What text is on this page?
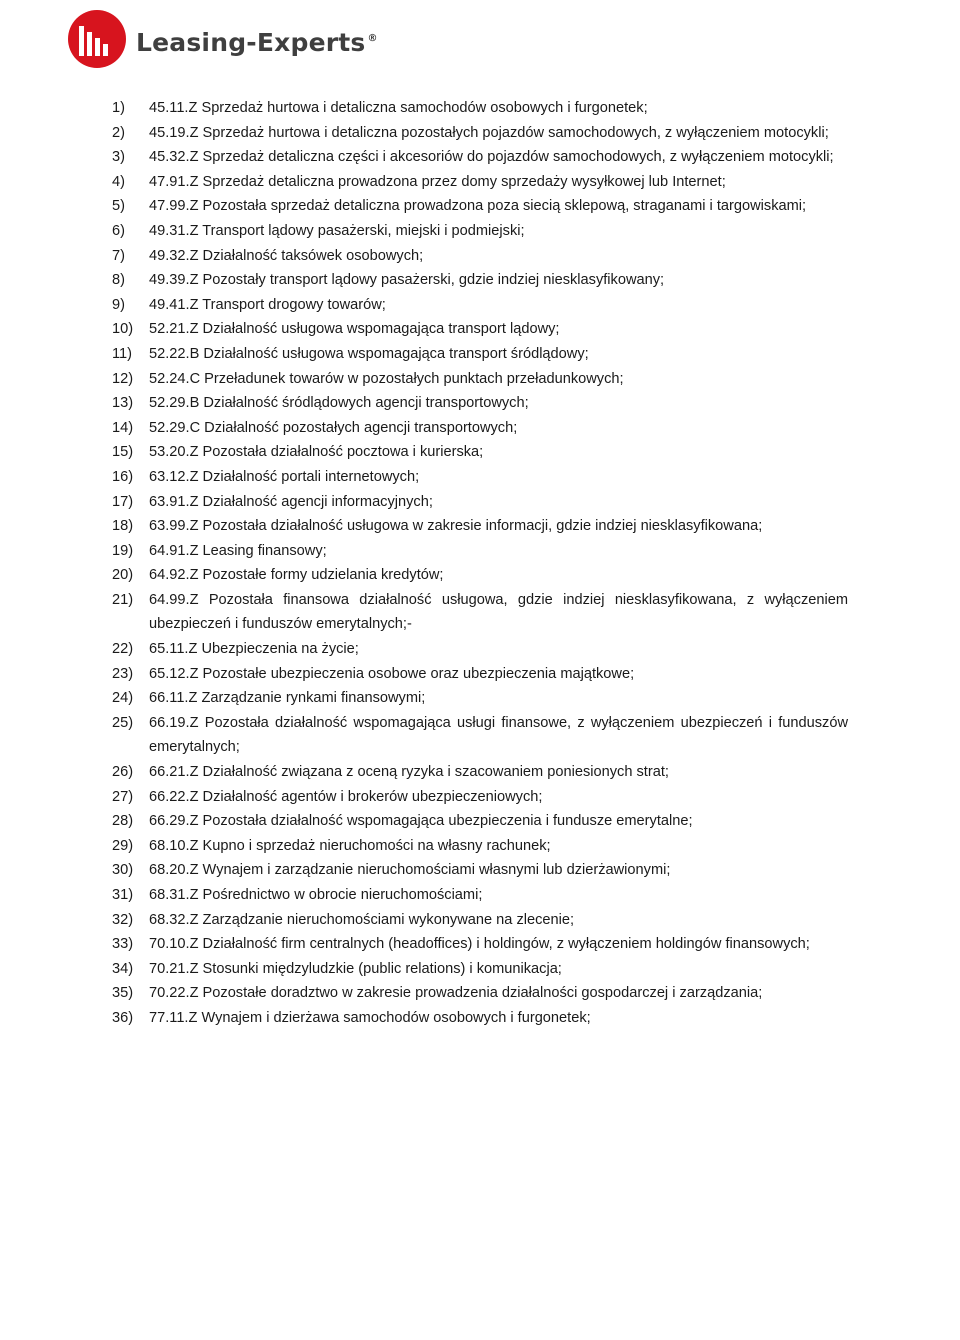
Leasing-Experts ®
1)	45.11.Z Sprzedaż hurtowa i detaliczna samochodów osobowych i furgonetek;
2)	45.19.Z Sprzedaż hurtowa i detaliczna pozostałych pojazdów samochodowych, z wyłączeniem motocykli;
3)	45.32.Z Sprzedaż detaliczna części i akcesoriów do pojazdów samochodowych, z wyłączeniem motocykli;
4)	47.91.Z Sprzedaż detaliczna prowadzona przez domy sprzedaży wysyłkowej lub Internet;
5)	47.99.Z Pozostała sprzedaż detaliczna prowadzona poza siecią sklepową, straganami i targowiskami;
6)	49.31.Z Transport lądowy pasażerski, miejski i podmiejski;
7)	49.32.Z Działalność taksówek osobowych;
8)	49.39.Z Pozostały transport lądowy pasażerski, gdzie indziej niesklasyfikowany;
9)	49.41.Z Transport drogowy towarów;
10)	52.21.Z Działalność usługowa wspomagająca transport lądowy;
11)	52.22.B Działalność usługowa wspomagająca transport śródlądowy;
12)	52.24.C Przeładunek towarów w pozostałych punktach przeładunkowych;
13)	52.29.B Działalność śródlądowych agencji transportowych;
14)	52.29.C Działalność pozostałych agencji transportowych;
15)	53.20.Z Pozostała działalność pocztowa i kurierska;
16)	63.12.Z Działalność portali internetowych;
17)	63.91.Z Działalność agencji informacyjnych;
18)	63.99.Z Pozostała działalność usługowa w zakresie informacji, gdzie indziej niesklasyfikowana;
19)	64.91.Z Leasing finansowy;
20)	64.92.Z Pozostałe formy udzielania kredytów;
21)	64.99.Z Pozostała finansowa działalność usługowa, gdzie indziej niesklasyfikowana, z wyłączeniem ubezpieczeń i funduszów emerytalnych;-
22)	65.11.Z Ubezpieczenia na życie;
23)	65.12.Z Pozostałe ubezpieczenia osobowe oraz ubezpieczenia majątkowe;
24)	66.11.Z Zarządzanie rynkami finansowymi;
25)	66.19.Z Pozostała działalność wspomagająca usługi finansowe, z wyłączeniem ubezpieczeń i funduszów emerytalnych;
26)	66.21.Z Działalność związana z oceną ryzyka i szacowaniem poniesionych strat;
27)	66.22.Z Działalność agentów i brokerów ubezpieczeniowych;
28)	66.29.Z Pozostała działalność wspomagająca ubezpieczenia i fundusze emerytalne;
29)	68.10.Z Kupno i sprzedaż nieruchomości na własny rachunek;
30)	68.20.Z Wynajem i zarządzanie nieruchomościami własnymi lub dzierżawionymi;
31)	68.31.Z Pośrednictwo w obrocie nieruchomościami;
32)	68.32.Z Zarządzanie nieruchomościami wykonywane na zlecenie;
33)	70.10.Z Działalność firm centralnych (headoffices) i holdingów, z wyłączeniem holdingów finansowych;
34)	70.21.Z Stosunki międzyludzkie (public relations) i komunikacja;
35)	70.22.Z Pozostałe doradztwo w zakresie prowadzenia działalności gospodarczej i zarządzania;
36)	77.11.Z Wynajem i dzierżawa samochodów osobowych i furgonetek;
